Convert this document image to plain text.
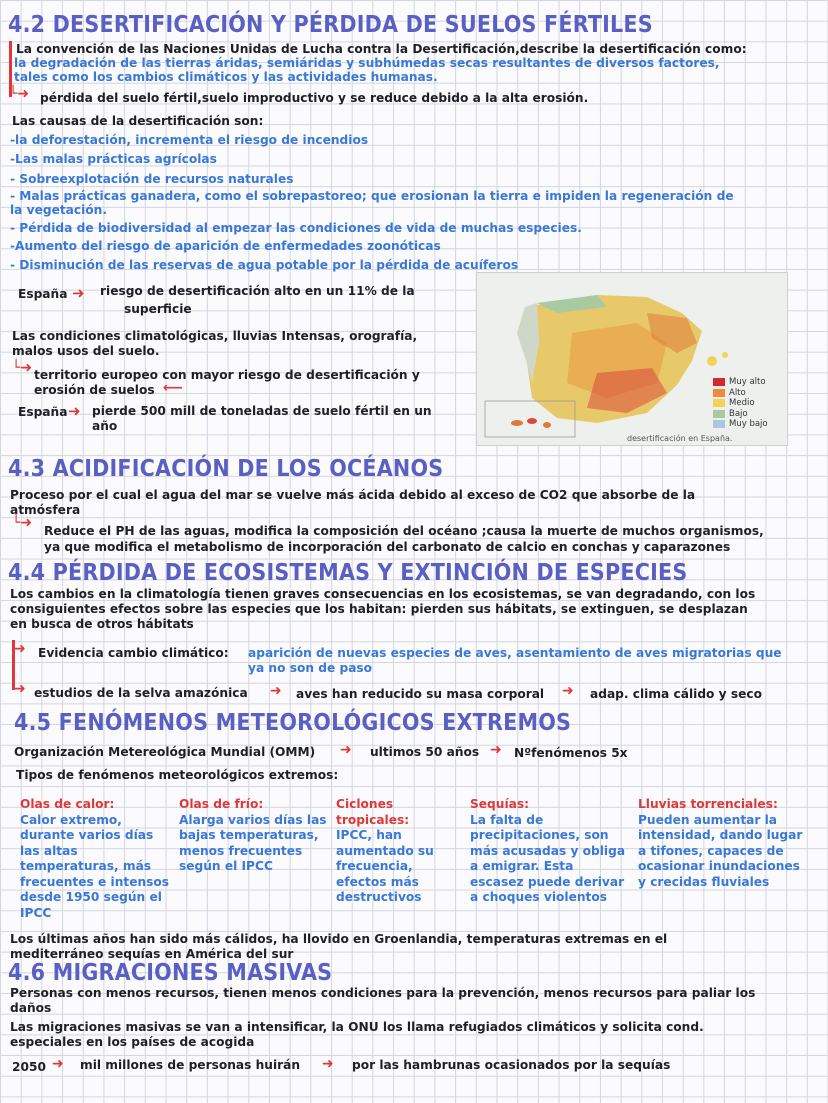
4.2 DESERTIFICACIÓN Y PÉRDIDA DE SUELOS FÉRTILES
La convención de las Naciones Unidas de Lucha contra la Desertificación,describe la desertificación como:
la degradación de las tierras áridas, semiáridas y subhúmedas secas resultantes de diversos factores,
tales como los cambios climáticos y las actividades humanas.
└➜ pérdida del suelo fértil,suelo improductivo y se reduce debido a la alta erosión.
Las causas de la desertificación son:
-la deforestación, incrementa el riesgo de incendios
-Las malas prácticas agrícolas
- Sobreexplotación de recursos naturales
- Malas prácticas ganadera, como el sobrepastoreo; que erosionan la tierra e impiden la regeneración de
la vegetación.
- Pérdida de biodiversidad al empezar las condiciones de vida de muchas especies.
-Aumento del riesgo de aparición de enfermedades zoonóticas
- Disminución de las reservas de agua potable por la pérdida de acuíferos
España ➜ riesgo de desertificación alto en un 11% de la
superficie
Las condiciones climatológicas, lluvias Intensas, orografía,
malos usos del suelo.
└➜ territorio europeo con mayor riesgo de desertificación y
erosión de suelos ⟵
España ➜ pierde 500 mill de toneladas de suelo fértil en un
año
Muy alto
Alto
Medio
Bajo
Muy bajo
desertificación en España.
4.3 ACIDIFICACIÓN DE LOS OCÉANOS
Proceso por el cual el agua del mar se vuelve más ácida debido al exceso de CO2 que absorbe de la
atmósfera
└➜ Reduce el PH de las aguas, modifica la composición del océano ;causa la muerte de muchos organismos,
ya que modifica el metabolismo de incorporación del carbonato de calcio en conchas y caparazones
4.4 PÉRDIDA DE ECOSISTEMAS Y EXTINCIÓN DE ESPECIES
Los cambios en la climatología tienen graves consecuencias en los ecosistemas, se van degradando, con los
consiguientes efectos sobre las especies que los habitan: pierden sus hábitats, se extinguen, se desplazan
en busca de otros hábitats
➜ Evidencia cambio climático: aparición de nuevas especies de aves, asentamiento de aves migratorias que
ya no son de paso
➜ estudios de la selva amazónica ➜ aves han reducido su masa corporal ➜ adap. clima cálido y seco
4.5 FENÓMENOS METEOROLÓGICOS EXTREMOS
Organización Metereológica Mundial (OMM) ➜ ultimos 50 años ➜ Nºfenómenos 5x
Tipos de fenómenos meteorológicos extremos:
Olas de calor:
Calor extremo, durante varios días las altas temperaturas, más frecuentes e intensos desde 1950 según el IPCC
Olas de frío:
Alarga varios días las bajas temperaturas, menos frecuentes según el IPCC
Ciclones tropicales:
IPCC, han aumentado su frecuencia, efectos más destructivos
Sequías:
La falta de precipitaciones, son más acusadas y obliga a emigrar. Esta escasez puede derivar a choques violentos
Lluvias torrenciales:
Pueden aumentar la intensidad, dando lugar a tifones, capaces de ocasionar inundaciones y crecidas fluviales
Los últimas años han sido más cálidos, ha llovido en Groenlandia, temperaturas extremas en el
mediterráneo sequías en América del sur
4.6 MIGRACIONES MASIVAS
Personas con menos recursos, tienen menos condiciones para la prevención, menos recursos para paliar los
daños
Las migraciones masivas se van a intensificar, la ONU los llama refugiados climáticos y solicita cond.
especiales en los países de acogida
2050 ➜ mil millones de personas huirán ➜ por las hambrunas ocasionados por la sequías
